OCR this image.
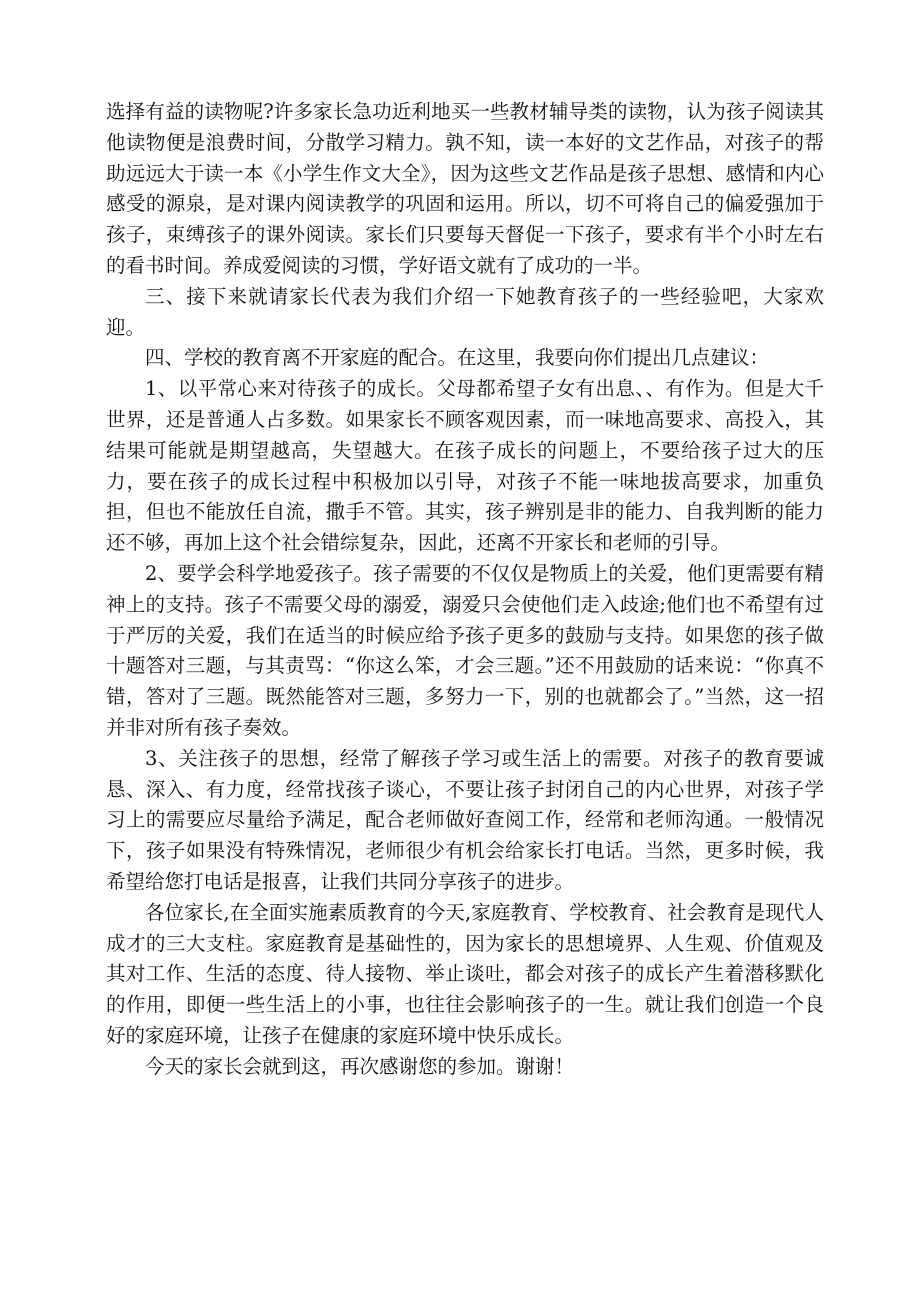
选择有益的读物呢?许多家长急功近利地买一些教材辅导类的读物，认为孩子阅读其他读物便是浪费时间，分散学习精力。孰不知，读一本好的文艺作品，对孩子的帮助远远大于读一本《小学生作文大全》，因为这些文艺作品是孩子思想、感情和内心感受的源泉，是对课内阅读教学的巩固和运用。所以，切不可将自己的偏爱强加于孩子，束缚孩子的课外阅读。家长们只要每天督促一下孩子，要求有半个小时左右的看书时间。养成爱阅读的习惯，学好语文就有了成功的一半。

三、接下来就请家长代表为我们介绍一下她教育孩子的一些经验吧，大家欢迎。

四、学校的教育离不开家庭的配合。在这里，我要向你们提出几点建议：

1、以平常心来对待孩子的成长。父母都希望子女有出息、、有作为。但是大千世界，还是普通人占多数。如果家长不顾客观因素，而一味地高要求、高投入，其结果可能就是期望越高，失望越大。在孩子成长的问题上，不要给孩子过大的压力，要在孩子的成长过程中积极加以引导，对孩子不能一味地拔高要求，加重负担，但也不能放任自流，撒手不管。其实，孩子辨别是非的能力、自我判断的能力还不够，再加上这个社会错综复杂，因此，还离不开家长和老师的引导。

2、要学会科学地爱孩子。孩子需要的不仅仅是物质上的关爱，他们更需要有精神上的支持。孩子不需要父母的溺爱，溺爱只会使他们走入歧途;他们也不希望有过于严厉的关爱，我们在适当的时候应给予孩子更多的鼓励与支持。如果您的孩子做十题答对三题，与其责骂：“你这么笨，才会三题。”还不用鼓励的话来说：“你真不错，答对了三题。既然能答对三题，多努力一下，别的也就都会了。”当然，这一招并非对所有孩子奏效。

3、关注孩子的思想，经常了解孩子学习或生活上的需要。对孩子的教育要诚恳、深入、有力度，经常找孩子谈心，不要让孩子封闭自己的内心世界，对孩子学习上的需要应尽量给予满足，配合老师做好查阅工作，经常和老师沟通。一般情况下，孩子如果没有特殊情况，老师很少有机会给家长打电话。当然，更多时候，我希望给您打电话是报喜，让我们共同分享孩子的进步。

各位家长,在全面实施素质教育的今天,家庭教育、学校教育、社会教育是现代人成才的三大支柱。家庭教育是基础性的，因为家长的思想境界、人生观、价值观及其对工作、生活的态度、待人接物、举止谈吐，都会对孩子的成长产生着潜移默化的作用，即便一些生活上的小事，也往往会影响孩子的一生。就让我们创造一个良好的家庭环境，让孩子在健康的家庭环境中快乐成长。

今天的家长会就到这，再次感谢您的参加。谢谢！
